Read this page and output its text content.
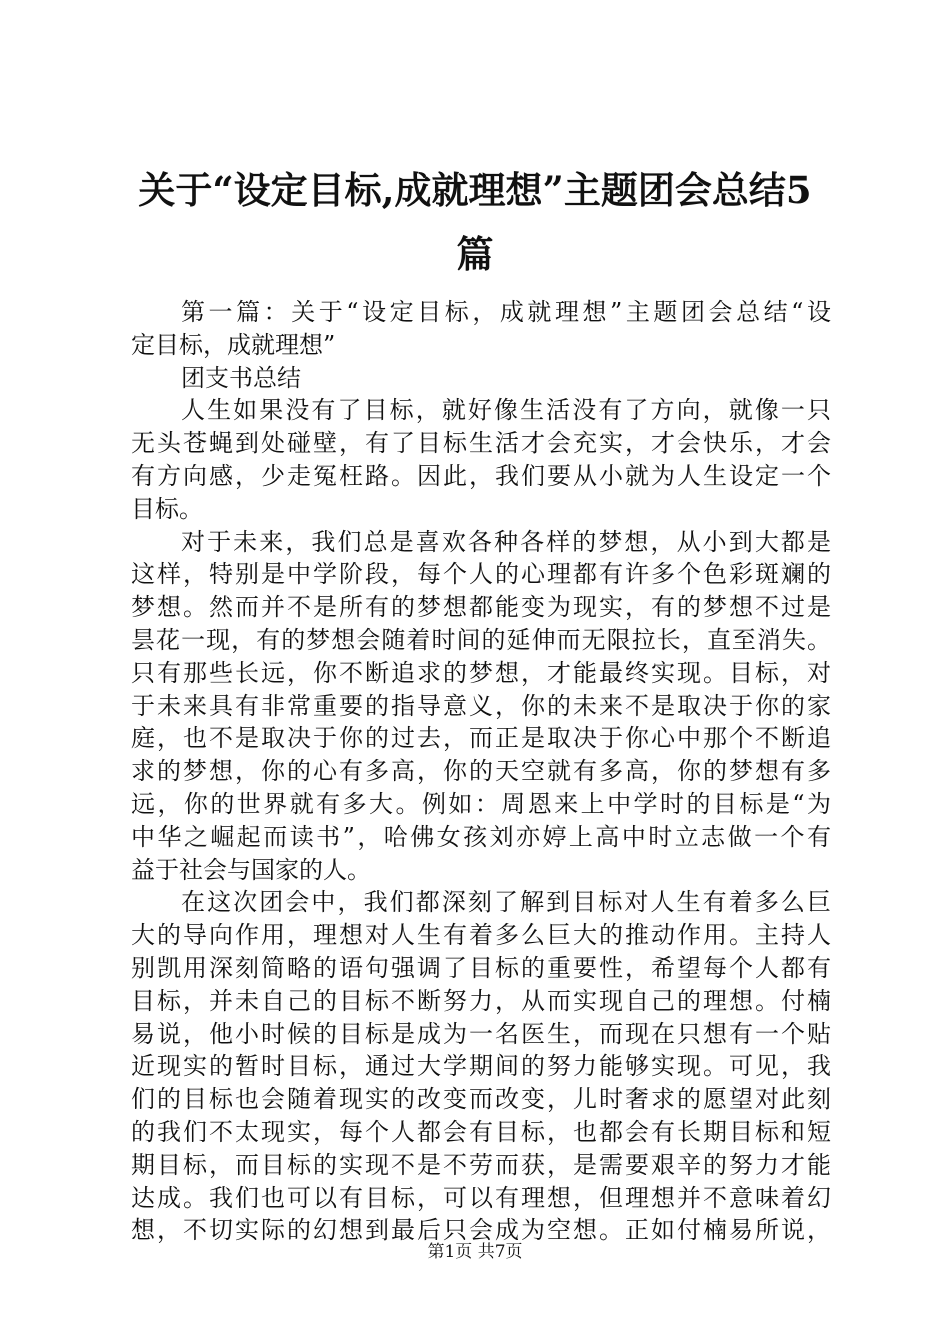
关于“设定目标,成就理想”主题团会总结5
篇
第一篇：关于“设定目标，成就理想”主题团会总结“设
定目标，成就理想”
团支书总结
人生如果没有了目标，就好像生活没有了方向，就像一只
无头苍蝇到处碰壁，有了目标生活才会充实，才会快乐，才会
有方向感，少走冤枉路。因此，我们要从小就为人生设定一个
目标。
对于未来，我们总是喜欢各种各样的梦想，从小到大都是
这样，特别是中学阶段，每个人的心理都有许多个色彩斑斓的
梦想。然而并不是所有的梦想都能变为现实，有的梦想不过是
昙花一现，有的梦想会随着时间的延伸而无限拉长，直至消失。
只有那些长远，你不断追求的梦想，才能最终实现。目标，对
于未来具有非常重要的指导意义，你的未来不是取决于你的家
庭，也不是取决于你的过去，而正是取决于你心中那个不断追
求的梦想，你的心有多高，你的天空就有多高，你的梦想有多
远，你的世界就有多大。例如：周恩来上中学时的目标是“为
中华之崛起而读书”，哈佛女孩刘亦婷上高中时立志做一个有
益于社会与国家的人。
在这次团会中，我们都深刻了解到目标对人生有着多么巨
大的导向作用，理想对人生有着多么巨大的推动作用。主持人
别凯用深刻简略的语句强调了目标的重要性，希望每个人都有
目标，并未自己的目标不断努力，从而实现自己的理想。付楠
易说，他小时候的目标是成为一名医生，而现在只想有一个贴
近现实的暂时目标，通过大学期间的努力能够实现。可见，我
们的目标也会随着现实的改变而改变，儿时奢求的愿望对此刻
的我们不太现实，每个人都会有目标，也都会有长期目标和短
期目标，而目标的实现不是不劳而获，是需要艰辛的努力才能
达成。我们也可以有目标，可以有理想，但理想并不意味着幻
想，不切实际的幻想到最后只会成为空想。正如付楠易所说，
第1页 共7页
